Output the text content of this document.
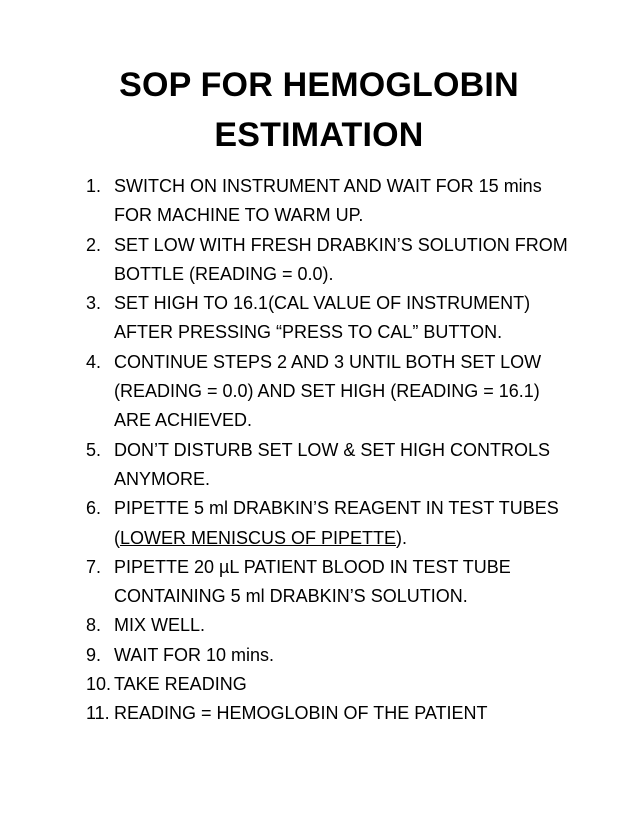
SOP FOR HEMOGLOBIN
ESTIMATION
1. SWITCH ON INSTRUMENT AND WAIT FOR 15 mins
FOR MACHINE TO WARM UP.
2. SET LOW WITH FRESH DRABKIN’S SOLUTION FROM
BOTTLE (READING = 0.0).
3. SET HIGH TO 16.1(CAL VALUE OF INSTRUMENT)
AFTER PRESSING “PRESS TO CAL” BUTTON.
4. CONTINUE STEPS 2 AND 3 UNTIL BOTH SET LOW
(READING = 0.0) AND SET HIGH (READING = 16.1)
ARE ACHIEVED.
5. DON’T DISTURB SET LOW & SET HIGH CONTROLS
ANYMORE.
6. PIPETTE 5 ml DRABKIN’S REAGENT IN TEST TUBES
(LOWER MENISCUS OF PIPETTE).
7. PIPETTE 20 µL PATIENT BLOOD IN TEST TUBE
CONTAINING 5 ml DRABKIN’S SOLUTION.
8. MIX WELL.
9. WAIT FOR 10 mins.
10. TAKE READING
11. READING = HEMOGLOBIN OF THE PATIENT
